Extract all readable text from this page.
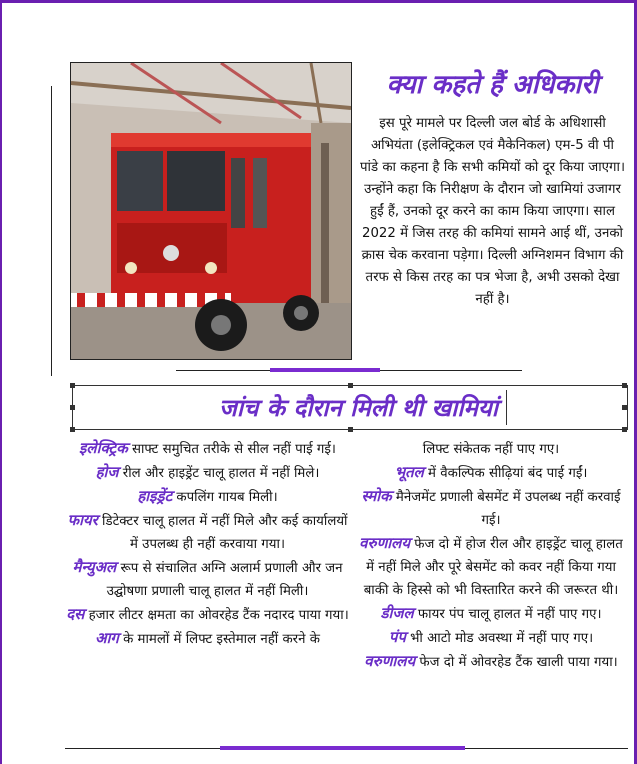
क्या कहते हैं अधिकारी
इस पूरे मामले पर दिल्ली जल बोर्ड के अधिशासी अभियंता (इलेक्ट्रिकल एवं मैकेनिकल) एम-5 वी पी पांडे का कहना है कि सभी कमियों को दूर किया जाएगा। उन्होंने कहा कि निरीक्षण के दौरान जो खामियां उजागर हुईं हैं, उनको दूर करने का काम किया जाएगा। साल 2022 में जिस तरह की कमियां सामने आई थीं, उनको क्रास चेक करवाना पड़ेगा। दिल्ली अग्निशमन विभाग की तरफ से किस तरह का पत्र भेजा है, अभी उसको देखा नहीं है।
जांच के दौरान मिली थी खामियां

इलेक्ट्रिक साफ्ट समुचित तरीके से सील नहीं पाई गई।

होज रील और हाइड्रेंट चालू हालत में नहीं मिले।

हाइड्रेंट कपलिंग गायब मिली।

फायर डिटेक्टर चालू हालत में नहीं मिले और कई कार्यालयों में उपलब्ध ही नहीं करवाया गया।

मैन्युअल रूप से संचालित अग्नि अलार्म प्रणाली और जन उद्घोषणा प्रणाली चालू हालत में नहीं मिली।

दस हजार लीटर क्षमता का ओवरहेड टैंक नदारद पाया गया।

आग के मामलों में लिफ्ट इस्तेमाल नहीं करने के

लिफ्ट संकेतक नहीं पाए गए।

भूतल में वैकल्पिक सीढ़ियां बंद पाई गईं।

स्मोक मैनेजमेंट प्रणाली बेसमेंट में उपलब्ध नहीं करवाई गई।

वरुणालय फेज दो में होज रील और हाइड्रेंट चालू हालत में नहीं मिले और पूरे बेसमेंट को कवर नहीं किया गया बाकी के हिस्से को भी विस्तारित करने की जरूरत थी।

डीजल फायर पंप चालू हालत में नहीं पाए गए।

पंप भी आटो मोड अवस्था में नहीं पाए गए।

वरुणालय फेज दो में ओवरहेड टैंक खाली पाया गया।
